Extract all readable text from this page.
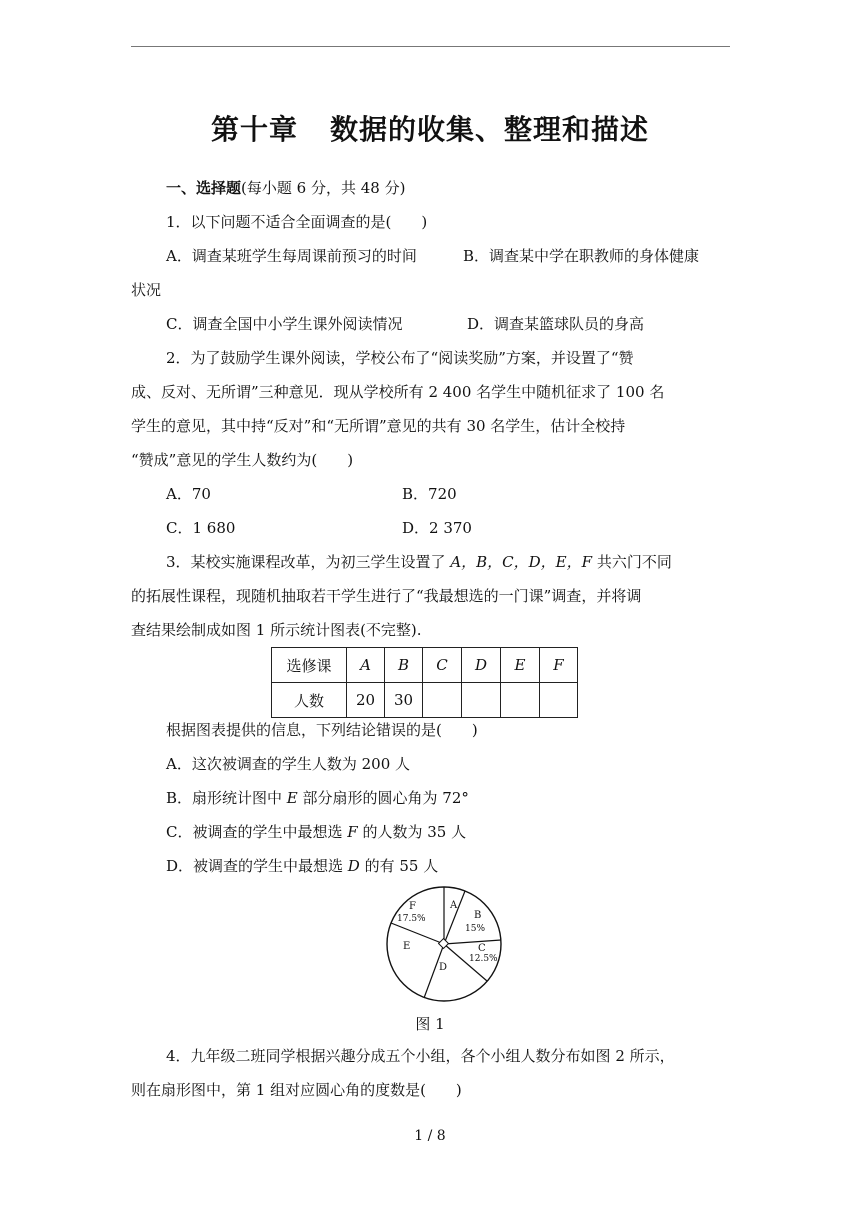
第十章 数据的收集、整理和描述
一、选择题(每小题 6 分，共 48 分)
1．以下问题不适合全面调查的是(　　)
A．调查某班学生每周课前预习的时间	B．调查某中学在职教师的身体健康
状况
C．调查全国中小学生课外阅读情况	D．调查某篮球队员的身高
2．为了鼓励学生课外阅读，学校公布了“阅读奖励”方案，并设置了“赞
成、反对、无所谓”三种意见．现从学校所有 2 400 名学生中随机征求了 100 名
学生的意见，其中持“反对”和“无所谓”意见的共有 30 名学生，估计全校持
“赞成”意见的学生人数约为(　　)
A．70	B．720
C．1 680	D．2 370
3．某校实施课程改革，为初三学生设置了 A，B，C，D，E，F 共六门不同
的拓展性课程，现随机抽取若干学生进行了“我最想选的一门课”调查，并将调
查结果绘制成如图 1 所示统计图表(不完整).
选修课	A	B	C	D	E	F
人数	20	30				
根据图表提供的信息，下列结论错误的是(　　)
A．这次被调查的学生人数为 200 人
B．扇形统计图中 E 部分扇形的圆心角为 72°
C．被调查的学生中最想选 F 的人数为 35 人
D．被调查的学生中最想选 D 的有 55 人
A
B
15%
C
12.5%
D
E
F
17.5%
图 1
4．九年级二班同学根据兴趣分成五个小组，各个小组人数分布如图 2 所示，
则在扇形图中，第 1 组对应圆心角的度数是(　　)
1 / 8
